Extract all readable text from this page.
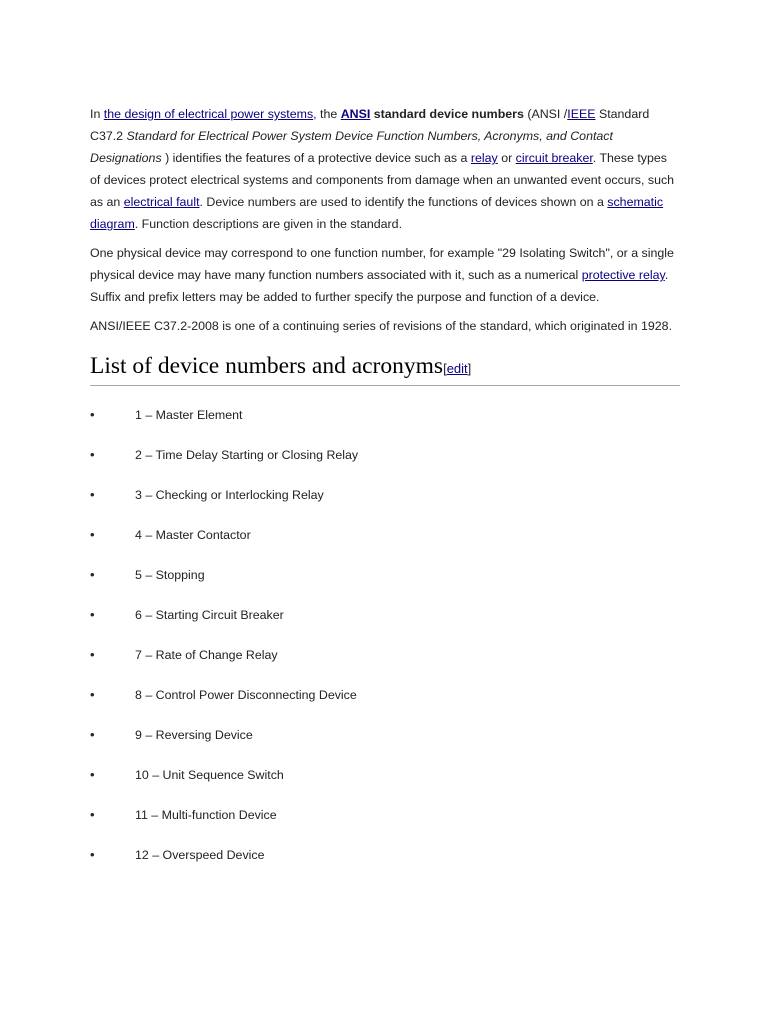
In the design of electrical power systems, the ANSI standard device numbers (ANSI /IEEE Standard C37.2 Standard for Electrical Power System Device Function Numbers, Acronyms, and Contact Designations ) identifies the features of a protective device such as a relay or circuit breaker. These types of devices protect electrical systems and components from damage when an unwanted event occurs, such as an electrical fault. Device numbers are used to identify the functions of devices shown on a schematic diagram. Function descriptions are given in the standard.

One physical device may correspond to one function number, for example "29 Isolating Switch", or a single physical device may have many function numbers associated with it, such as a numerical protective relay. Suffix and prefix letters may be added to further specify the purpose and function of a device.

ANSI/IEEE C37.2-2008 is one of a continuing series of revisions of the standard, which originated in 1928.

List of device numbers and acronyms[edit]
•	1 – Master Element
•	2 – Time Delay Starting or Closing Relay
•	3 – Checking or Interlocking Relay
•	4 – Master Contactor
•	5 – Stopping
•	6 – Starting Circuit Breaker
•	7 – Rate of Change Relay
•	8 – Control Power Disconnecting Device
•	9 – Reversing Device
•	10 – Unit Sequence Switch
•	11 – Multi-function Device
•	12 – Overspeed Device
